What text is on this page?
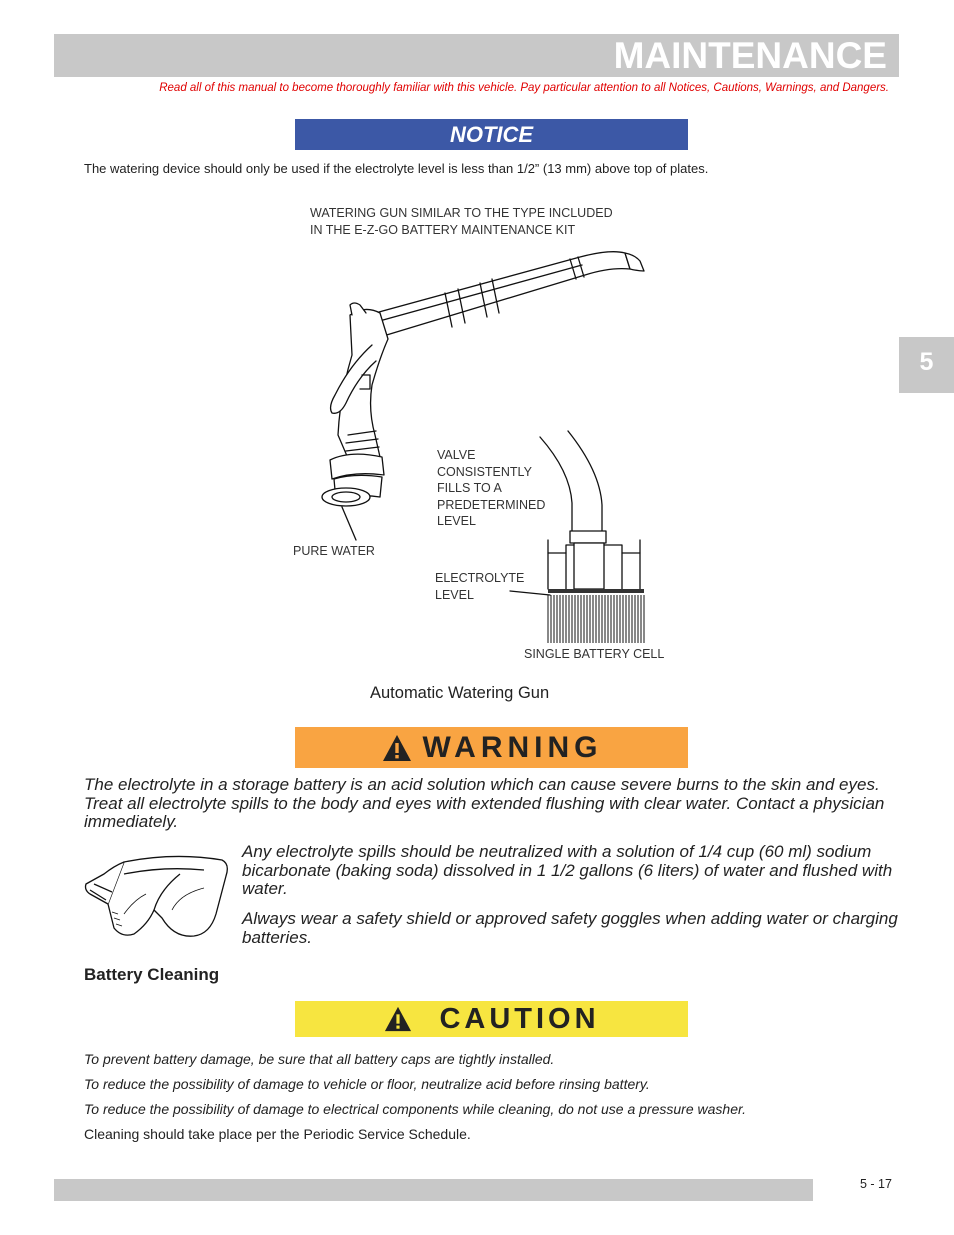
MAINTENANCE
Read all of this manual to become thoroughly familiar with this vehicle. Pay particular attention to all Notices, Cautions, Warnings, and Dangers.
5
NOTICE
The watering device should only be used if the electrolyte level is less than 1/2” (13 mm) above top of plates.
WATERING GUN SIMILAR TO THE TYPE INCLUDED
IN THE E-Z-GO BATTERY MAINTENANCE KIT
VALVE
CONSISTENTLY
FILLS TO A
PREDETERMINED
LEVEL
PURE WATER
ELECTROLYTE
LEVEL
SINGLE BATTERY CELL
Automatic Watering Gun
WARNING
The electrolyte in a storage battery is an acid solution which can cause severe burns to the skin and eyes. Treat all electrolyte spills to the body and eyes with extended flushing with clear water. Contact a physician immediately.
Any electrolyte spills should be neutralized with a solution of 1/4 cup (60 ml) sodium bicarbonate (baking soda) dissolved in 1 1/2 gallons (6 liters) of water and flushed with water.
Always wear a safety shield or approved safety goggles when adding water or charging batteries.
Battery Cleaning
CAUTION
To prevent battery damage, be sure that all battery caps are tightly installed.
To reduce the possibility of damage to vehicle or floor, neutralize acid before rinsing battery.
To reduce the possibility of damage to electrical components while cleaning, do not use a pressure washer.
Cleaning should take place per the Periodic Service Schedule.
5 - 17
